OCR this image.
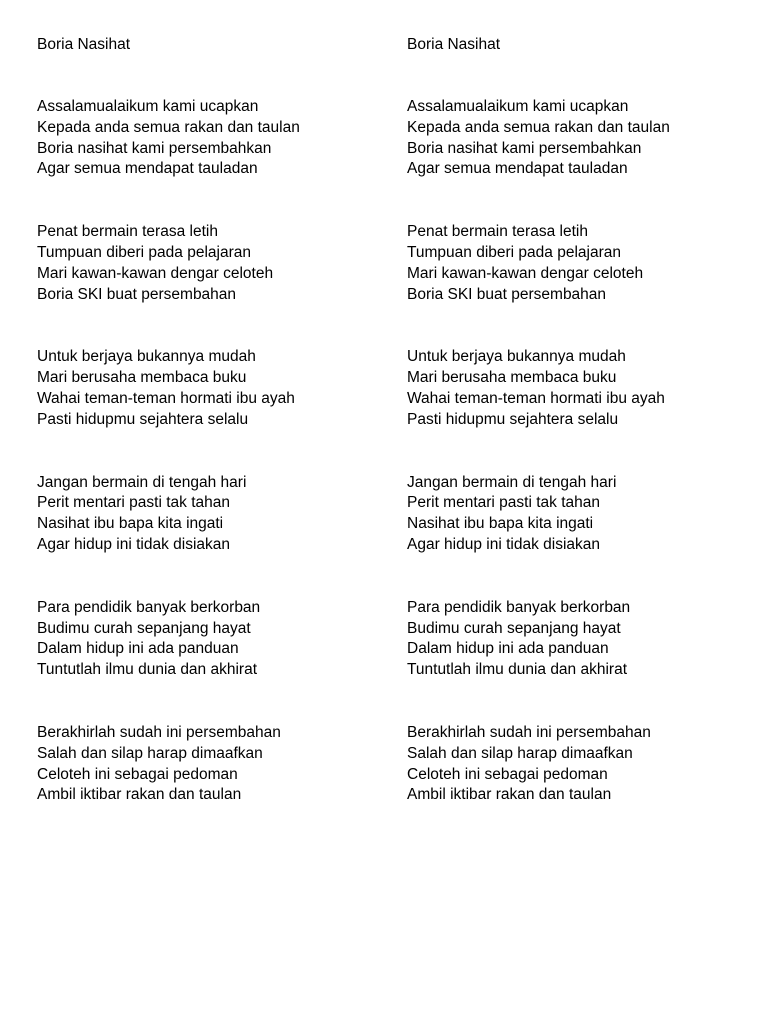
Boria Nasihat
Assalamualaikum kami ucapkan
Kepada anda semua rakan dan taulan
Boria nasihat kami persembahkan
Agar semua mendapat tauladan
Penat bermain terasa letih
Tumpuan diberi pada pelajaran
Mari kawan-kawan dengar celoteh
Boria SKI buat persembahan
Untuk berjaya bukannya mudah
Mari berusaha membaca buku
Wahai teman-teman hormati ibu ayah
Pasti hidupmu sejahtera selalu
Jangan bermain di tengah hari
Perit mentari pasti tak tahan
Nasihat ibu bapa kita ingati
Agar hidup ini tidak disiakan
Para pendidik banyak berkorban
Budimu curah sepanjang hayat
Dalam hidup ini ada panduan
Tuntutlah ilmu dunia dan akhirat
Berakhirlah sudah ini persembahan
Salah dan silap harap dimaafkan
Celoteh ini sebagai pedoman
Ambil iktibar rakan dan taulan
Boria Nasihat
Assalamualaikum kami ucapkan
Kepada anda semua rakan dan taulan
Boria nasihat kami persembahkan
Agar semua mendapat tauladan
Penat bermain terasa letih
Tumpuan diberi pada pelajaran
Mari kawan-kawan dengar celoteh
Boria SKI buat persembahan
Untuk berjaya bukannya mudah
Mari berusaha membaca buku
Wahai teman-teman hormati ibu ayah
Pasti hidupmu sejahtera selalu
Jangan bermain di tengah hari
Perit mentari pasti tak tahan
Nasihat ibu bapa kita ingati
Agar hidup ini tidak disiakan
Para pendidik banyak berkorban
Budimu curah sepanjang hayat
Dalam hidup ini ada panduan
Tuntutlah ilmu dunia dan akhirat
Berakhirlah sudah ini persembahan
Salah dan silap harap dimaafkan
Celoteh ini sebagai pedoman
Ambil iktibar rakan dan taulan
